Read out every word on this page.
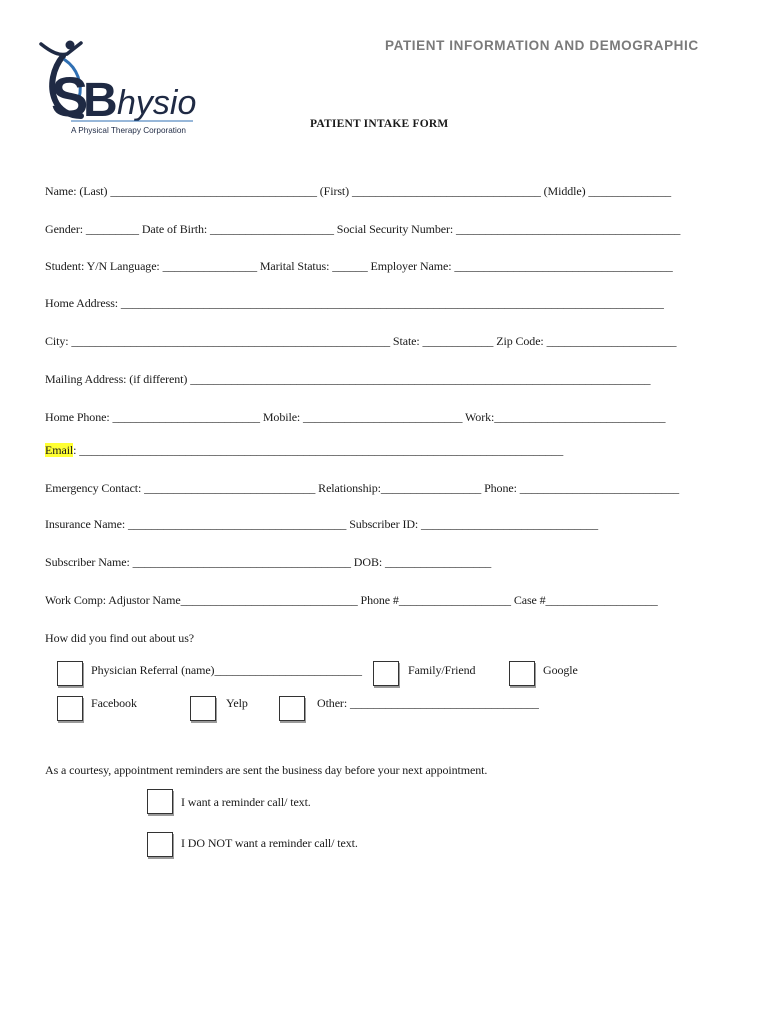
S
B hysio
A Physical Therapy Corporation
PATIENT INFORMATION AND DEMOGRAPHIC
PATIENT INTAKE FORM
Name: (Last) ___________________________________ (First) ________________________________ (Middle) ______________
Gender: _________ Date of Birth: _____________________ Social Security Number: ______________________________________
Student: Y/N Language: ________________ Marital Status: ______ Employer Name: _____________________________________
Home Address: ____________________________________________________________________________________________
City: ______________________________________________________ State: ____________ Zip Code: ______________________
Mailing Address: (if different) ______________________________________________________________________________
Home Phone: _________________________ Mobile: ___________________________ Work:_____________________________
Email: __________________________________________________________________________________
Emergency Contact: _____________________________ Relationship:_________________ Phone: ___________________________
Insurance Name: _____________________________________ Subscriber ID: ______________________________
Subscriber Name: _____________________________________ DOB: __________________
Work Comp: Adjustor Name______________________________ Phone #___________________ Case #___________________
How did you find out about us?
Physician Referral (name)_________________________	Family/Friend	Google
Facebook	Yelp	Other: ________________________________
As a courtesy, appointment reminders are sent the business day before your next appointment.
I want a reminder call/ text.
I DO NOT want a reminder call/ text.
